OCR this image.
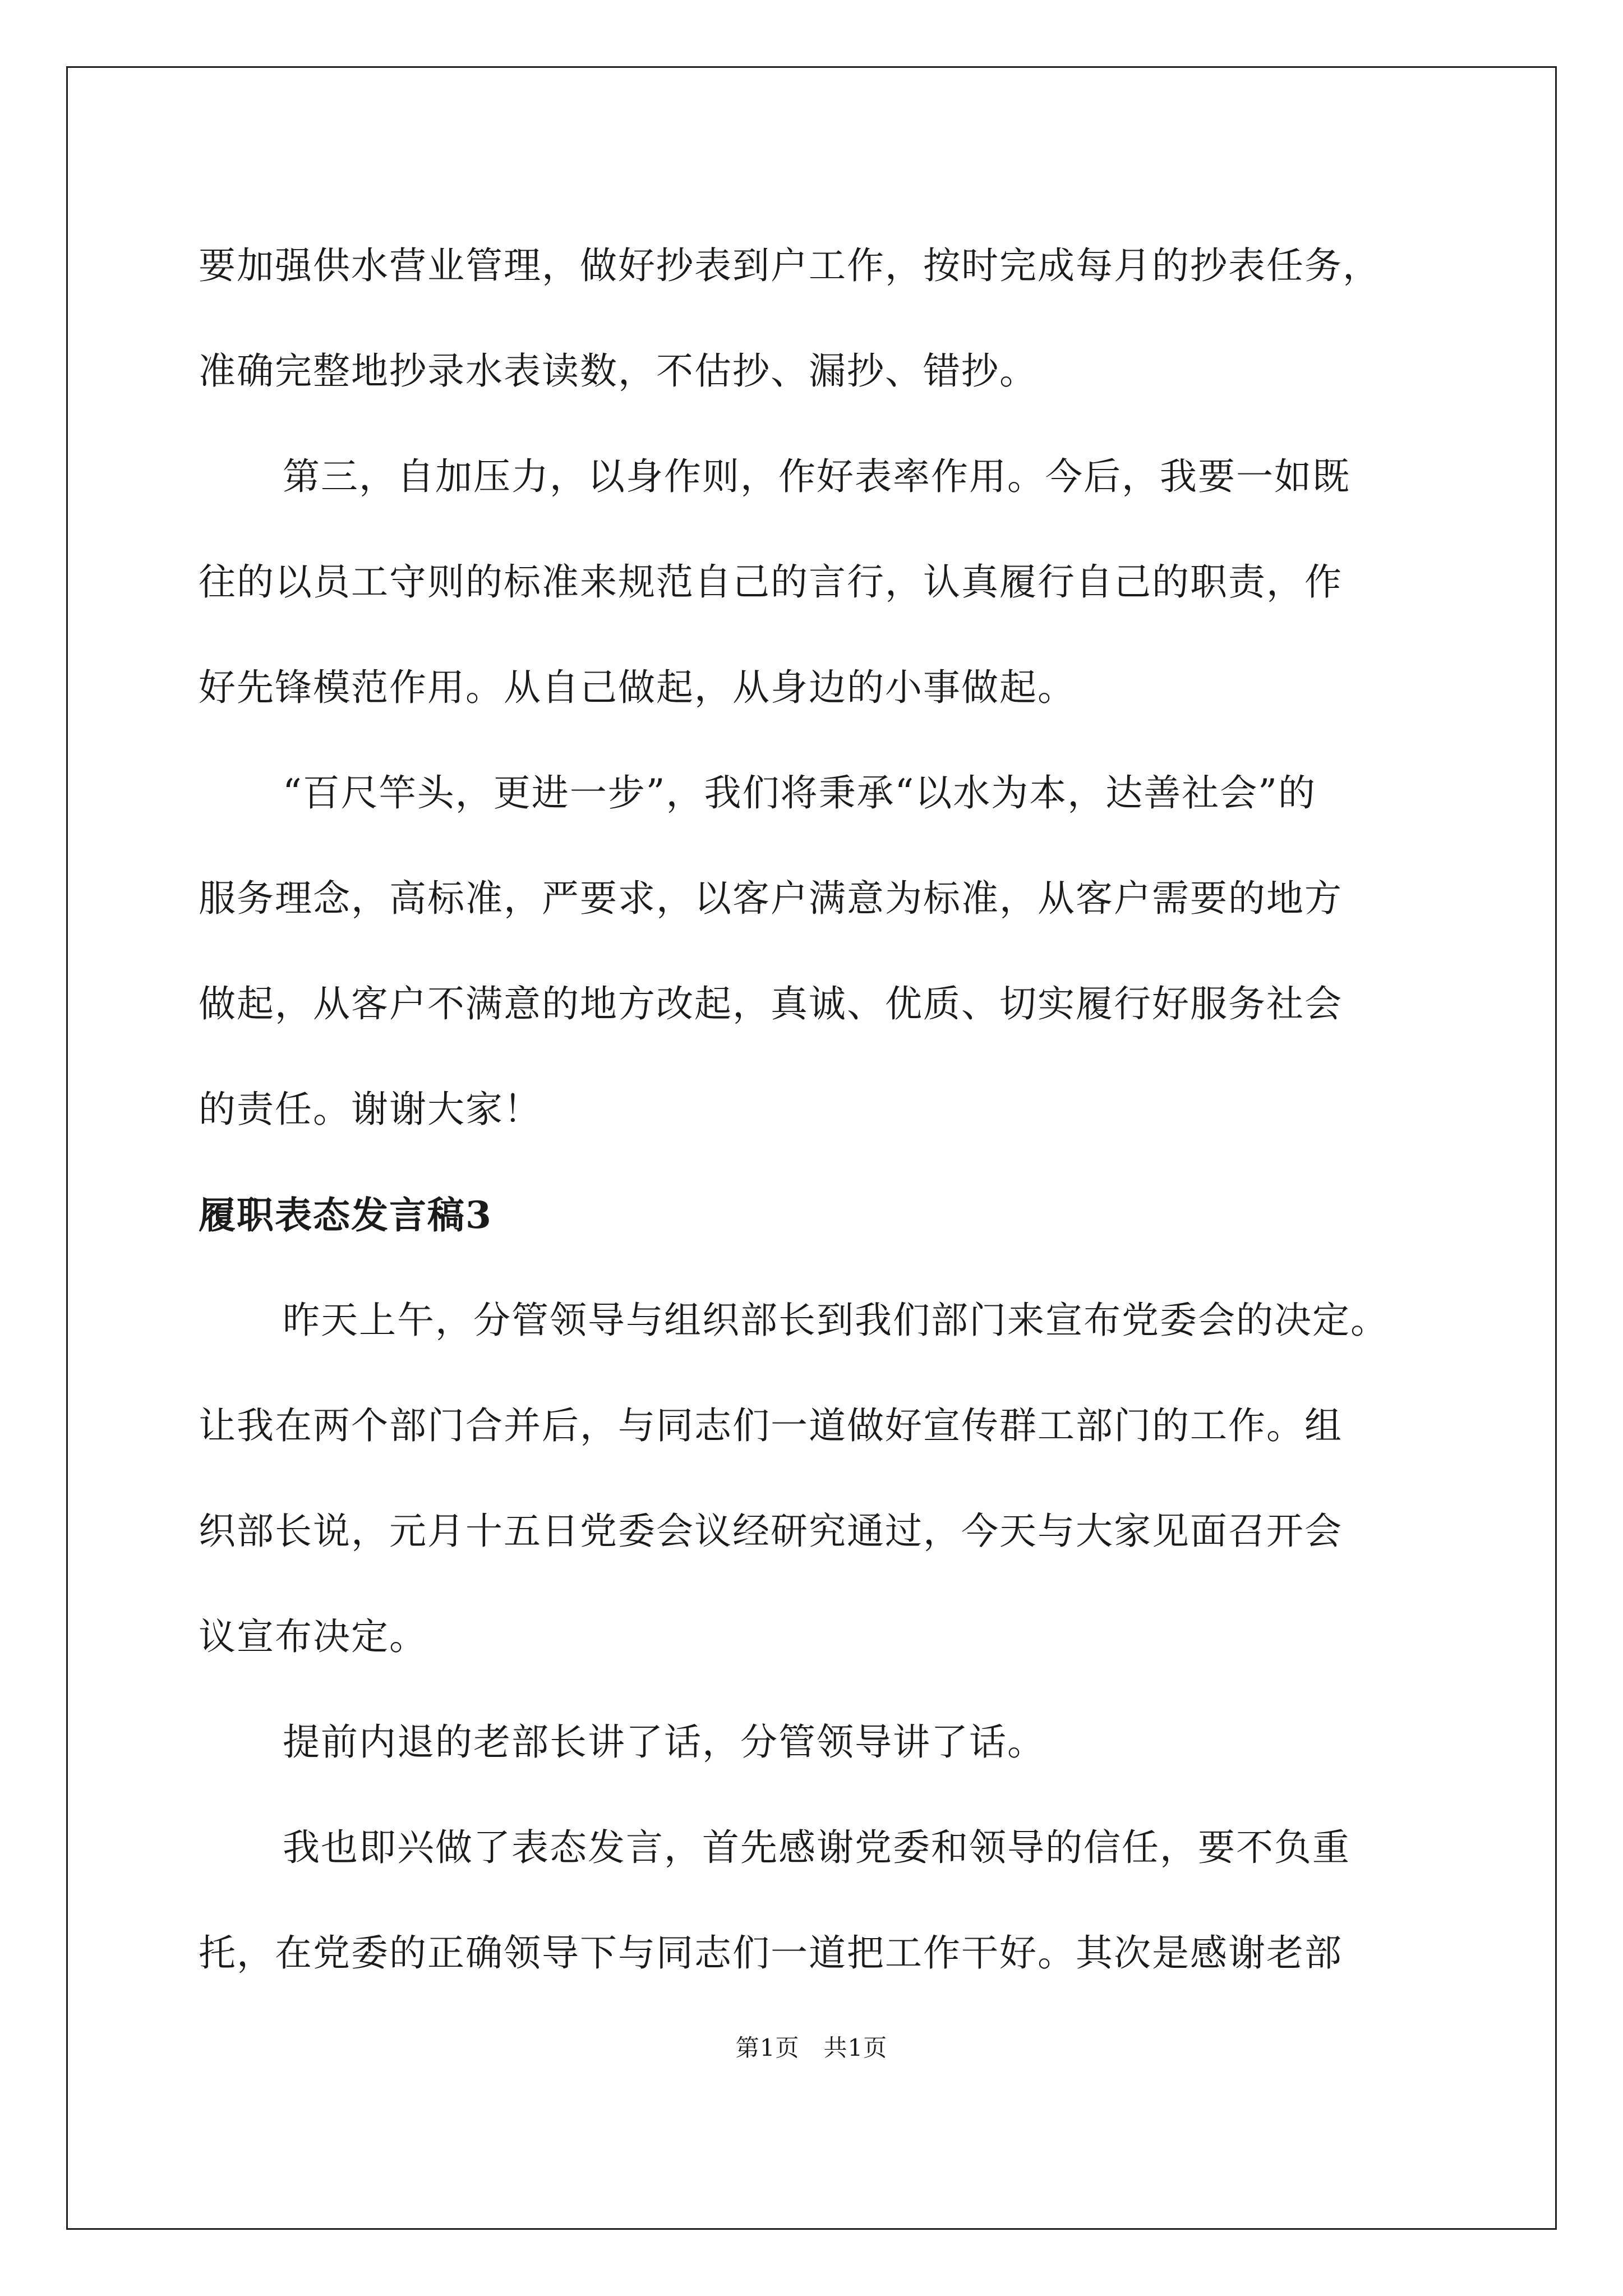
要加强供水营业管理，做好抄表到户工作，按时完成每月的抄表任务，
准确完整地抄录水表读数，不估抄、漏抄、错抄。

第三，自加压力，以身作则，作好表率作用。今后，我要一如既
往的以员工守则的标准来规范自己的言行，认真履行自己的职责，作
好先锋模范作用。从自己做起，从身边的小事做起。

“百尺竿头，更进一步”，我们将秉承“以水为本，达善社会”的
服务理念，高标准，严要求，以客户满意为标准，从客户需要的地方
做起，从客户不满意的地方改起，真诚、优质、切实履行好服务社会
的责任。谢谢大家！

履职表态发言稿3

昨天上午，分管领导与组织部长到我们部门来宣布党委会的决定。
让我在两个部门合并后，与同志们一道做好宣传群工部门的工作。组
织部长说，元月十五日党委会议经研究通过，今天与大家见面召开会
议宣布决定。

提前内退的老部长讲了话，分管领导讲了话。

我也即兴做了表态发言，首先感谢党委和领导的信任，要不负重
托，在党委的正确领导下与同志们一道把工作干好。其次是感谢老部

第1页　共1页
